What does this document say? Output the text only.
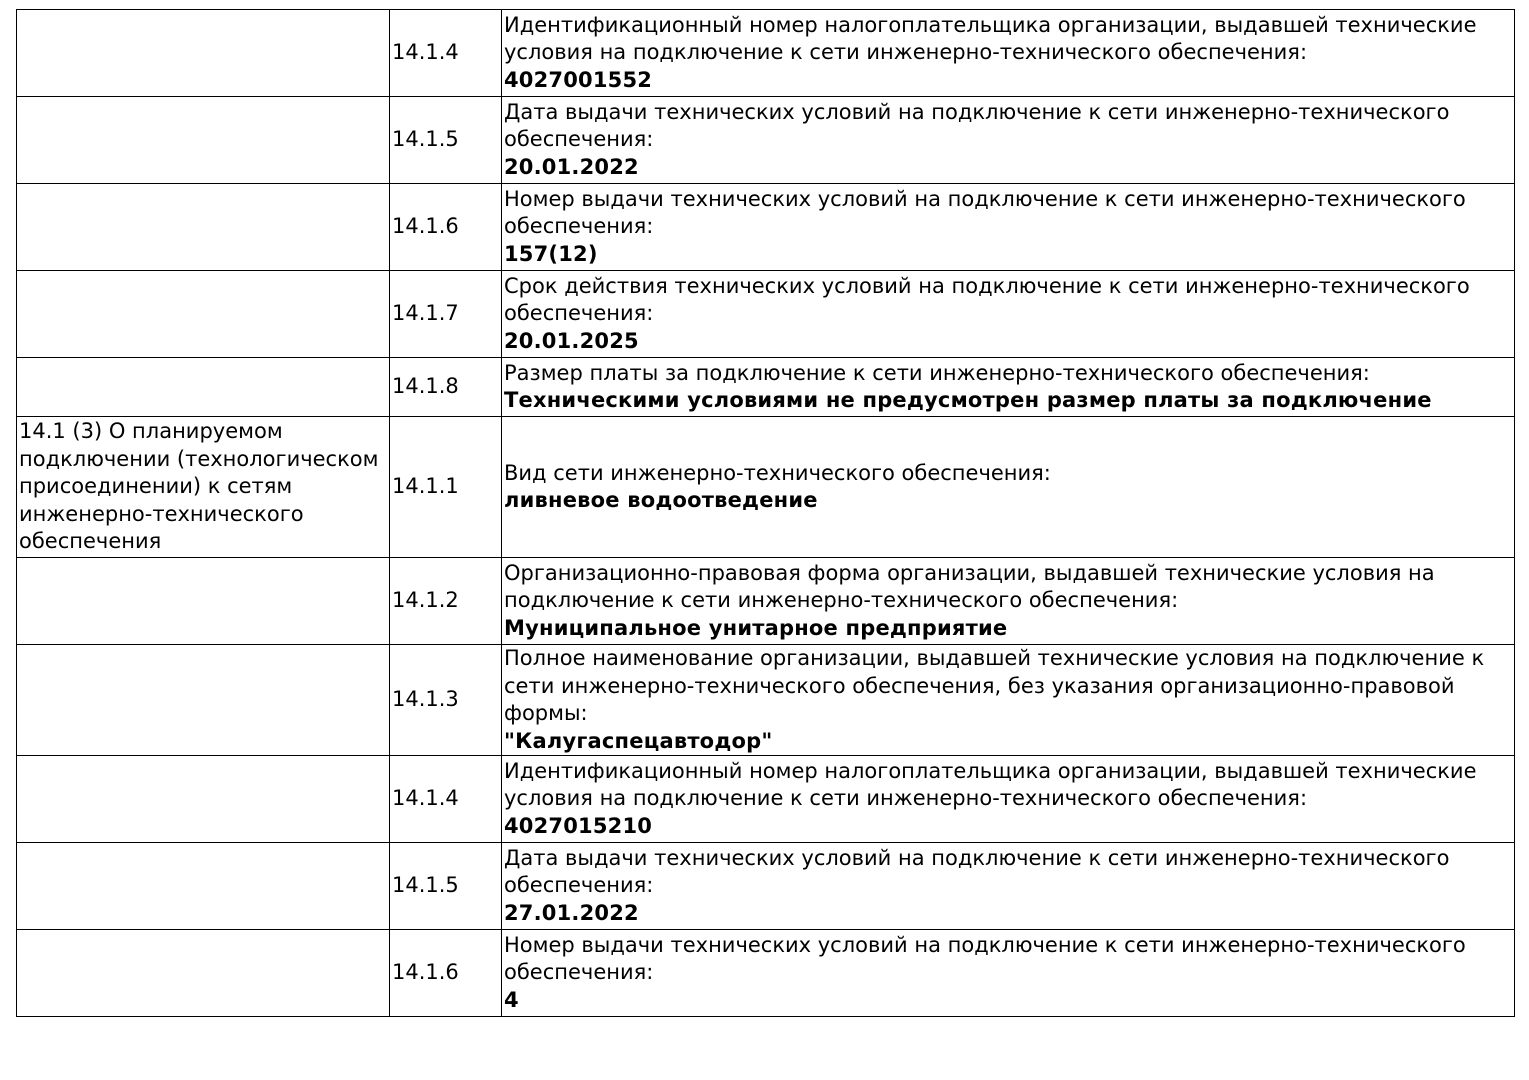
	14.1.4	Идентификационный номер налогоплательщика организации, выдавшей технические условия на подключение к сети инженерно-технического обеспечения:
4027001552

	14.1.5	Дата выдачи технических условий на подключение к сети инженерно-технического обеспечения:
20.01.2022

	14.1.6	Номер выдачи технических условий на подключение к сети инженерно-технического обеспечения:
157(12)

	14.1.7	Срок действия технических условий на подключение к сети инженерно-технического обеспечения:
20.01.2025

	14.1.8	Размер платы за подключение к сети инженерно-технического обеспечения:
Техническими условиями не предусмотрен размер платы за подключение

14.1 (3) О планируемом подключении (технологическом присоединении) к сетям инженерно-технического обеспечения	14.1.1	Вид сети инженерно-технического обеспечения:
ливневое водоотведение

	14.1.2	Организационно-правовая форма организации, выдавшей технические условия на подключение к сети инженерно-технического обеспечения:
Муниципальное унитарное предприятие

	14.1.3	Полное наименование организации, выдавшей технические условия на подключение к сети инженерно-технического обеспечения, без указания организационно-правовой формы:
"Калугаспецавтодор"

	14.1.4	Идентификационный номер налогоплательщика организации, выдавшей технические условия на подключение к сети инженерно-технического обеспечения:
4027015210

	14.1.5	Дата выдачи технических условий на подключение к сети инженерно-технического обеспечения:
27.01.2022

	14.1.6	Номер выдачи технических условий на подключение к сети инженерно-технического обеспечения:
4
